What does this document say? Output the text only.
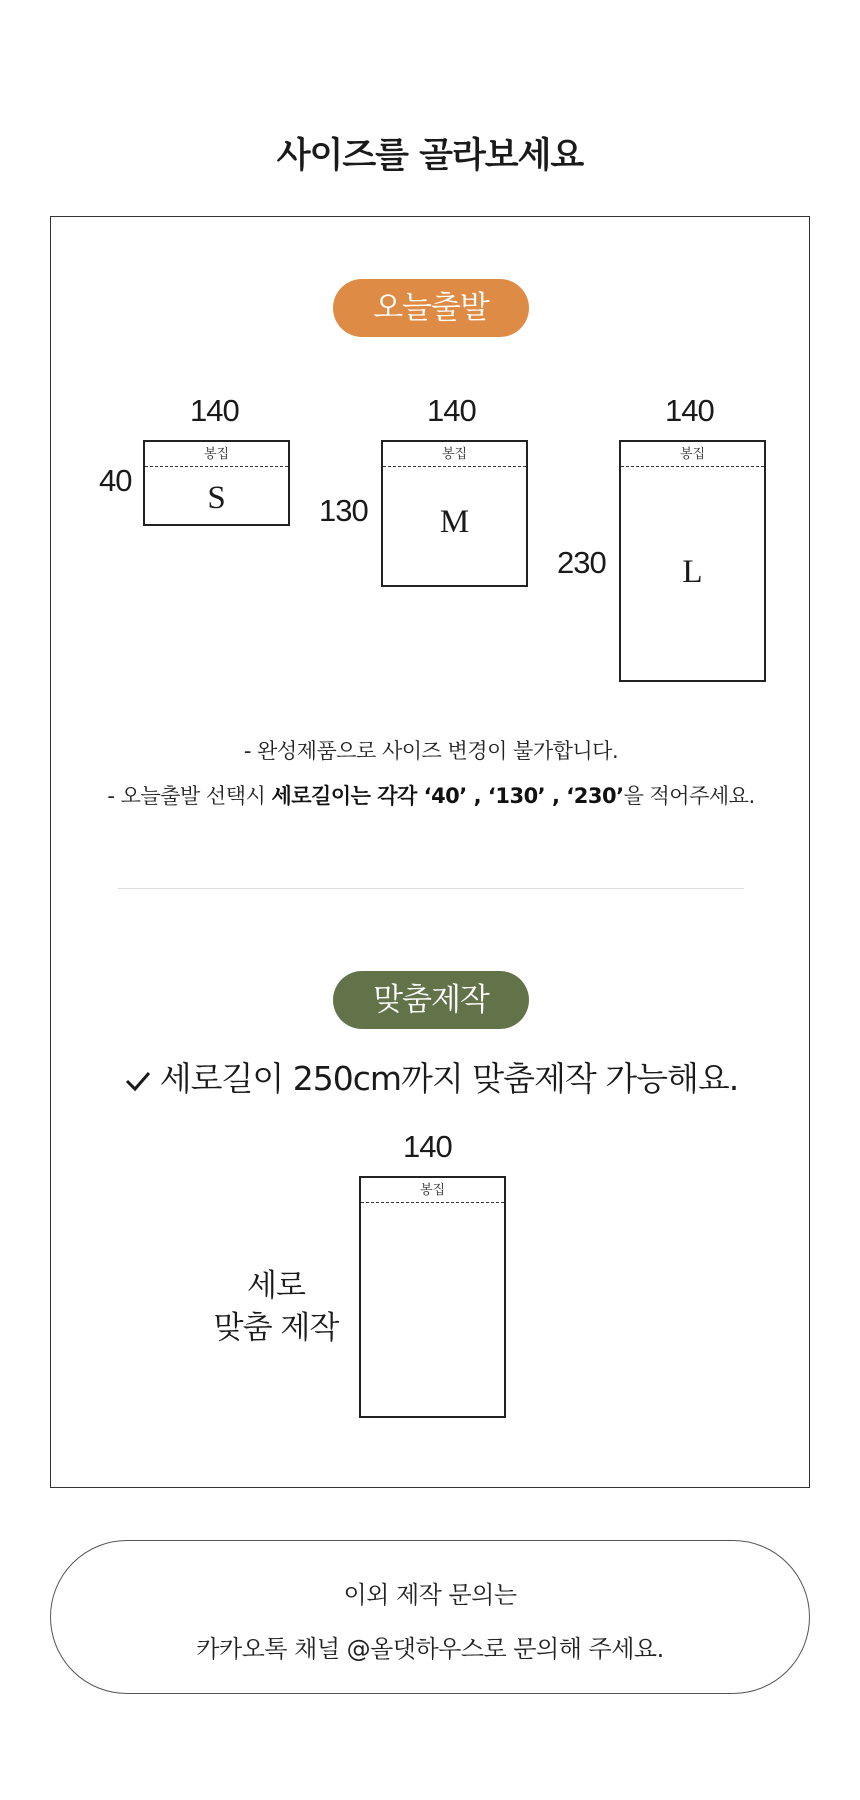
사이즈를 골라보세요
오늘출발
140
40
봉집
S
140
130
봉집
M
140
230
봉집
L
- 완성제품으로 사이즈 변경이 불가합니다.
- 오늘출발 선택시 세로길이는 각각 ‘40’ , ‘130’ , ‘230’을 적어주세요.
맞춤제작
세로길이 250cm까지 맞춤제작 가능해요.
140
세로
맞춤 제작
봉집
이외 제작 문의는
카카오톡 채널 @올댓하우스로 문의해 주세요.
